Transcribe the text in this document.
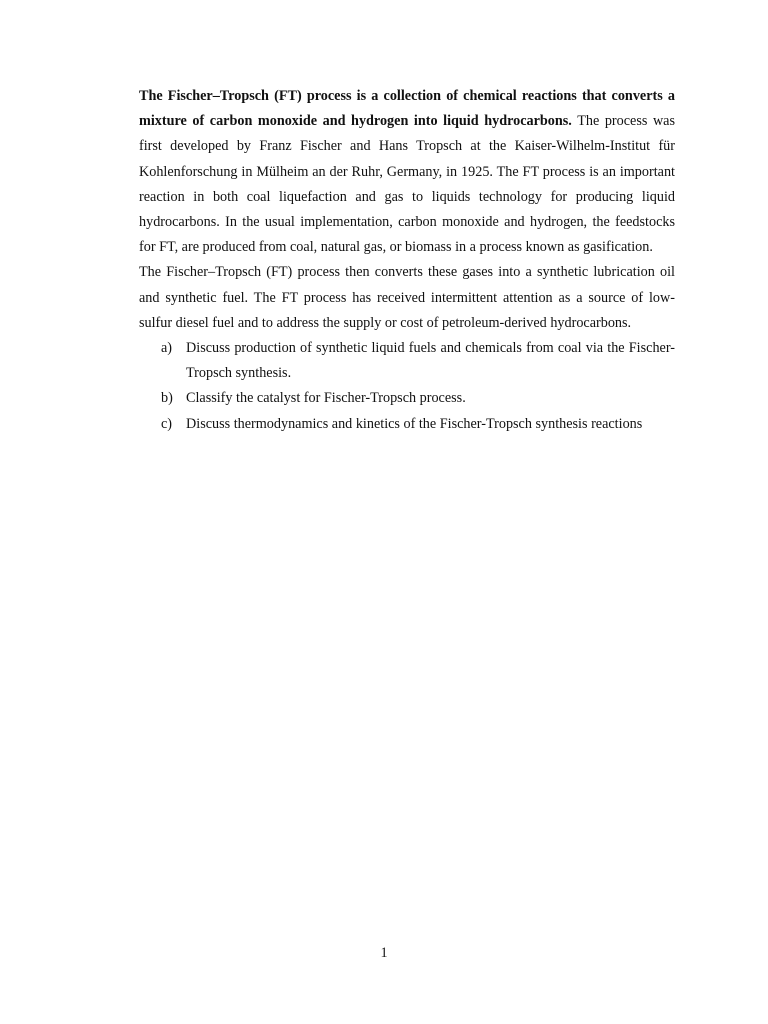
The Fischer–Tropsch (FT) process is a collection of chemical reactions that converts a mixture of carbon monoxide and hydrogen into liquid hydrocarbons. The process was first developed by Franz Fischer and Hans Tropsch at the Kaiser-Wilhelm-Institut für Kohlenforschung in Mülheim an der Ruhr, Germany, in 1925. The FT process is an important reaction in both coal liquefaction and gas to liquids technology for producing liquid hydrocarbons. In the usual implementation, carbon monoxide and hydrogen, the feedstocks for FT, are produced from coal, natural gas, or biomass in a process known as gasification.

The Fischer–Tropsch (FT) process then converts these gases into a synthetic lubrication oil and synthetic fuel. The FT process has received intermittent attention as a source of low-sulfur diesel fuel and to address the supply or cost of petroleum-derived hydrocarbons.

a) Discuss production of synthetic liquid fuels and chemicals from coal via the Fischer-Tropsch synthesis.
b) Classify the catalyst for Fischer-Tropsch process.
c) Discuss thermodynamics and kinetics of the Fischer-Tropsch synthesis reactions
1
